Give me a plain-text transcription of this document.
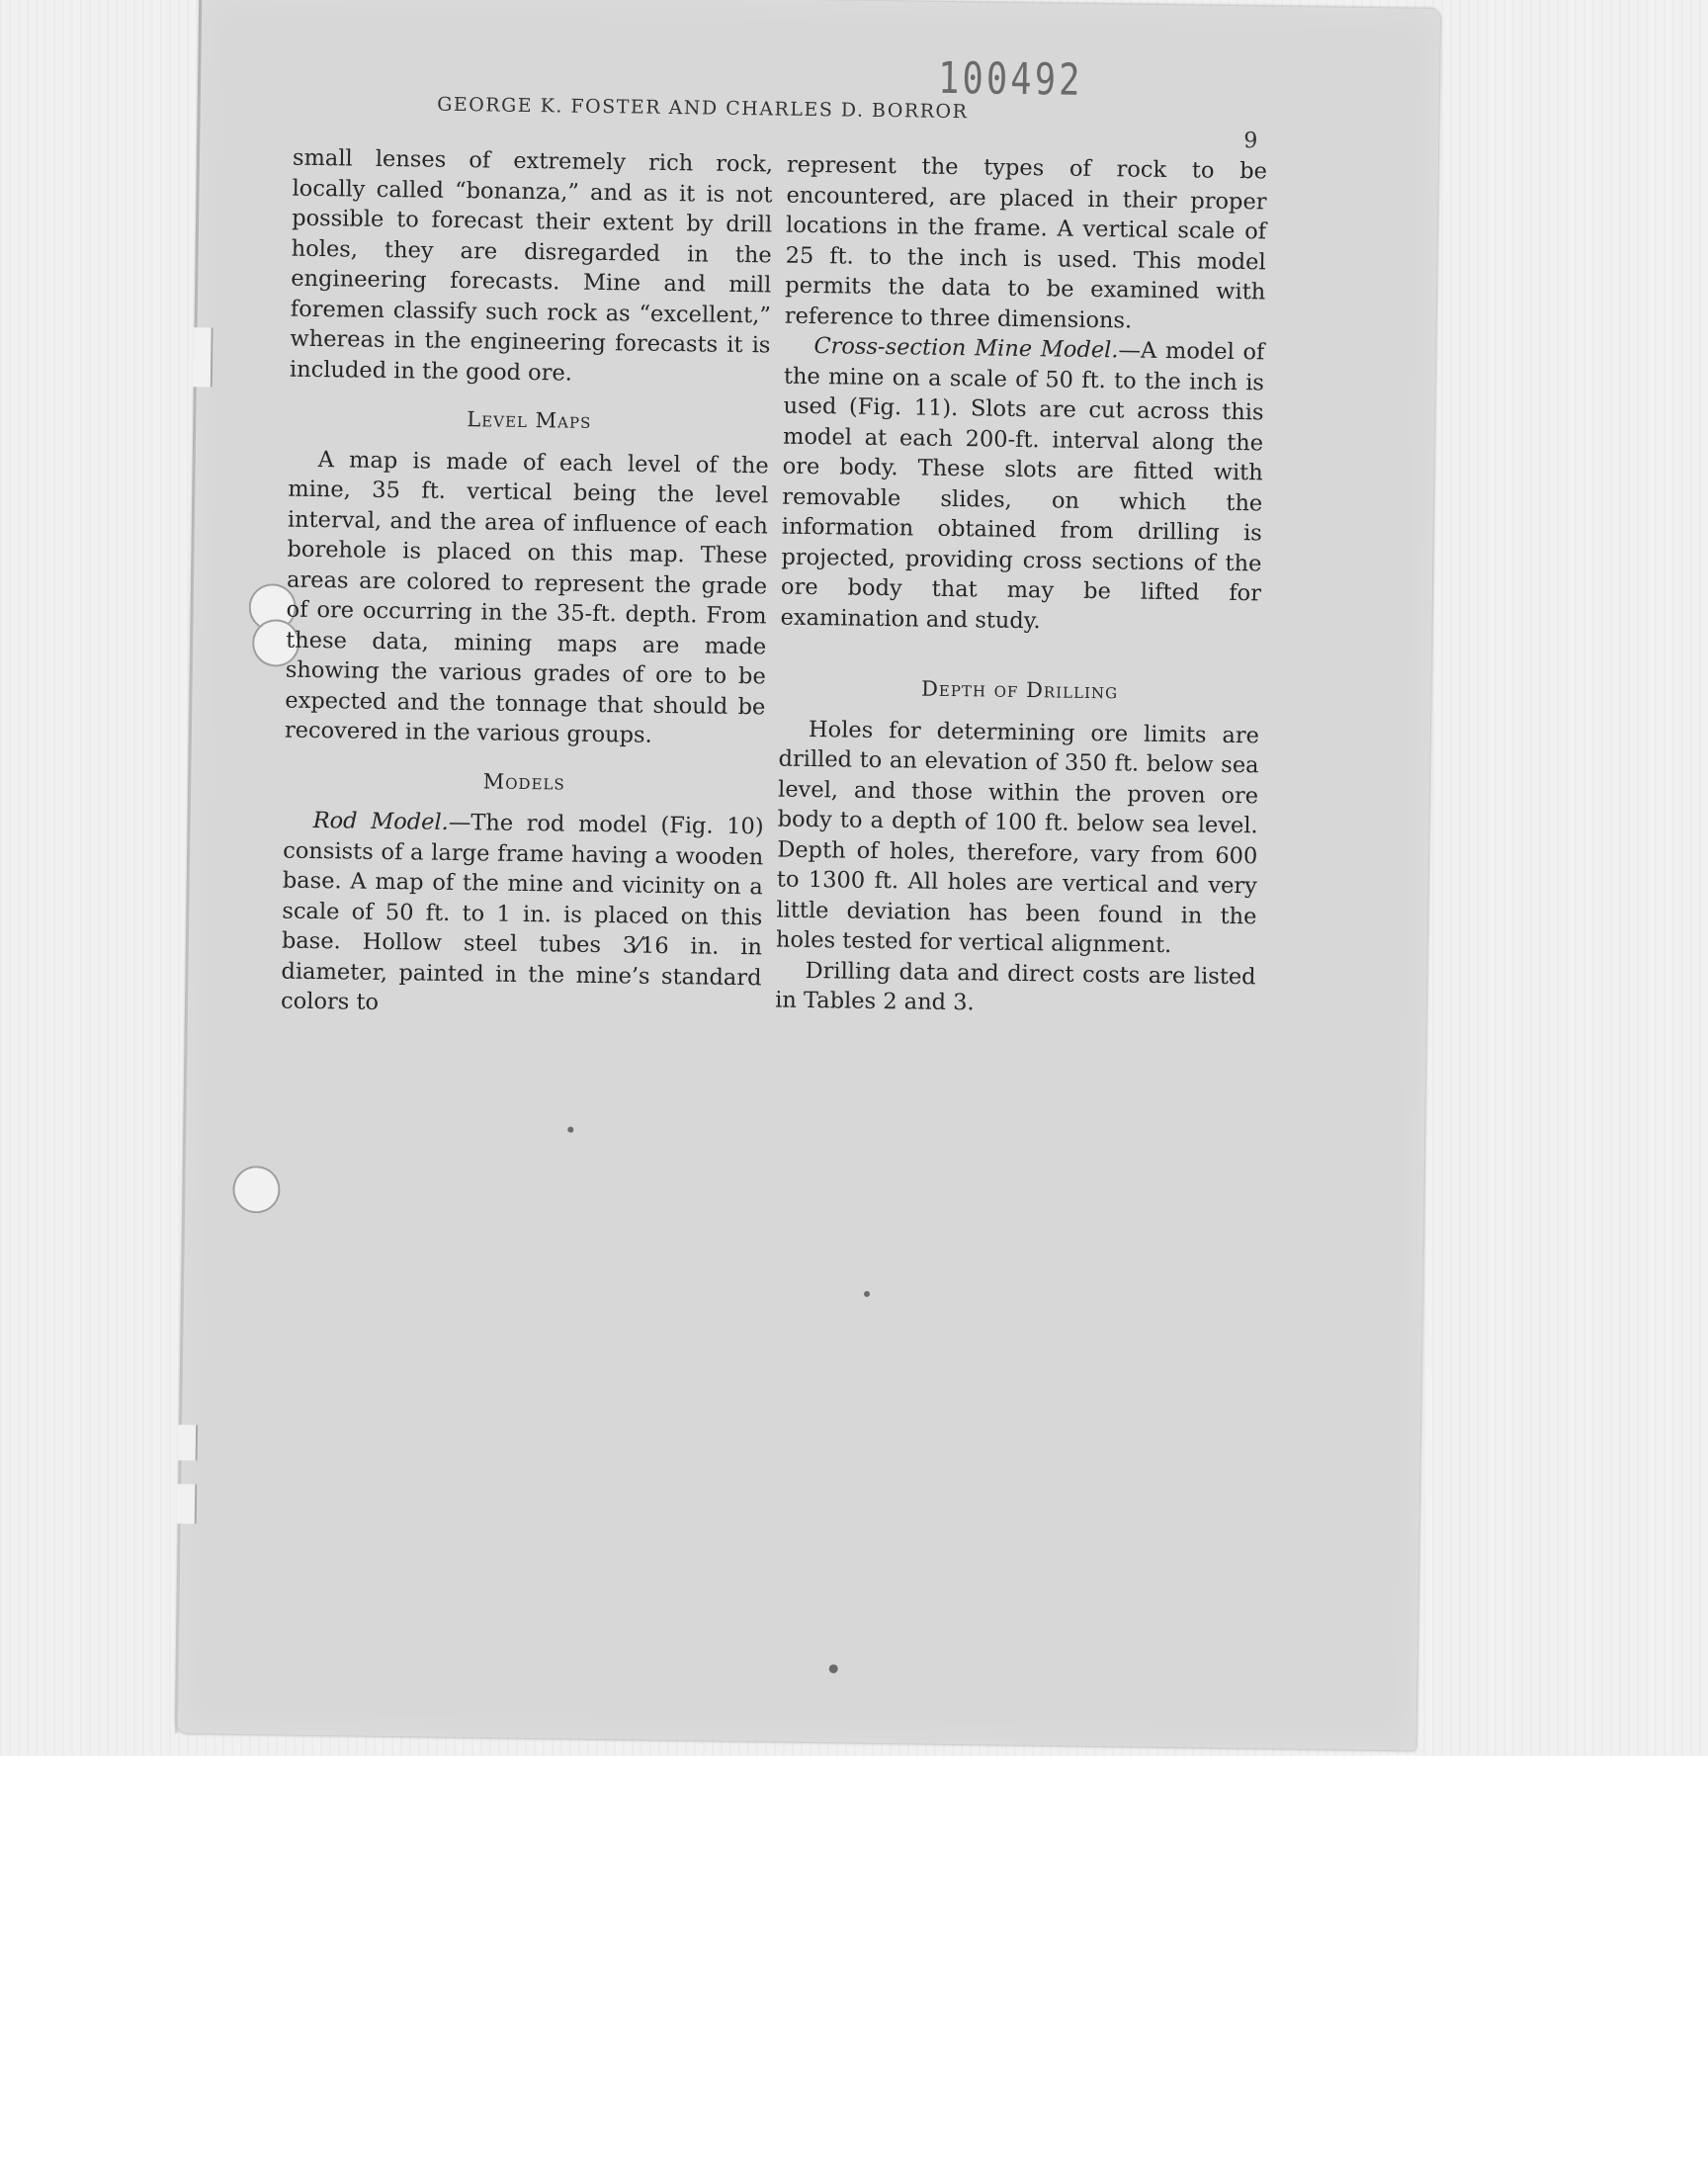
100492
GEORGE K. FOSTER AND CHARLES D. BORROR
9

small lenses of extremely rich rock, locally called “bonanza,” and as it is not possible to forecast their extent by drill holes, they are disregarded in the engineering forecasts. Mine and mill foremen classify such rock as “excellent,” whereas in the engineering forecasts it is included in the good ore.

Level Maps

A map is made of each level of the mine, 35 ft. vertical being the level interval, and the area of influence of each borehole is placed on this map. These areas are colored to represent the grade of ore occurring in the 35-ft. depth. From these data, mining maps are made showing the various grades of ore to be expected and the tonnage that should be recovered in the various groups.

Models

Rod Model.—The rod model (Fig. 10) consists of a large frame having a wooden base. A map of the mine and vicinity on a scale of 50 ft. to 1 in. is placed on this base. Hollow steel tubes 3⁄16 in. in diameter, painted in the mine’s standard colors to

represent the types of rock to be encountered, are placed in their proper locations in the frame. A vertical scale of 25 ft. to the inch is used. This model permits the data to be examined with reference to three dimensions.

Cross-section Mine Model.—A model of the mine on a scale of 50 ft. to the inch is used (Fig. 11). Slots are cut across this model at each 200-ft. interval along the ore body. These slots are fitted with removable slides, on which the information obtained from drilling is projected, providing cross sections of the ore body that may be lifted for examination and study.

Depth of Drilling

Holes for determining ore limits are drilled to an elevation of 350 ft. below sea level, and those within the proven ore body to a depth of 100 ft. below sea level. Depth of holes, therefore, vary from 600 to 1300 ft. All holes are vertical and very little deviation has been found in the holes tested for vertical alignment.

Drilling data and direct costs are listed in Tables 2 and 3.
